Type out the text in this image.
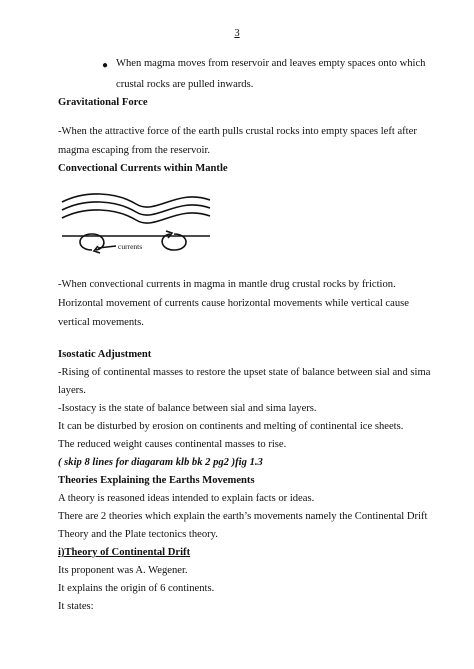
3
● When magma moves from reservoir and leaves empty spaces onto which
crustal rocks are pulled inwards.
Gravitational Force
-When the attractive force of the earth pulls crustal rocks into empty spaces left after
magma escaping from the reservoir.
Convectional Currents within Mantle
currents
-When convectional currents in magma in mantle drug crustal rocks by friction.
Horizontal movement of currents cause horizontal movements while vertical cause
vertical movements.
Isostatic Adjustment
-Rising of continental masses to restore the upset state of balance between sial and sima
layers.
-Isostacy is the state of balance between sial and sima layers.
It can be disturbed by erosion on continents and melting of continental ice sheets.
The reduced weight causes continental masses to rise.
( skip 8 lines for diagaram klb bk 2 pg2 )fig 1.3
Theories Explaining the Earths Movements
A theory is reasoned ideas intended to explain facts or ideas.
There are 2 theories which explain the earth’s movements namely the Continental Drift
Theory and the Plate tectonics theory.
i)Theory of Continental Drift
Its proponent was A. Wegener.
It explains the origin of 6 continents.
It states:
